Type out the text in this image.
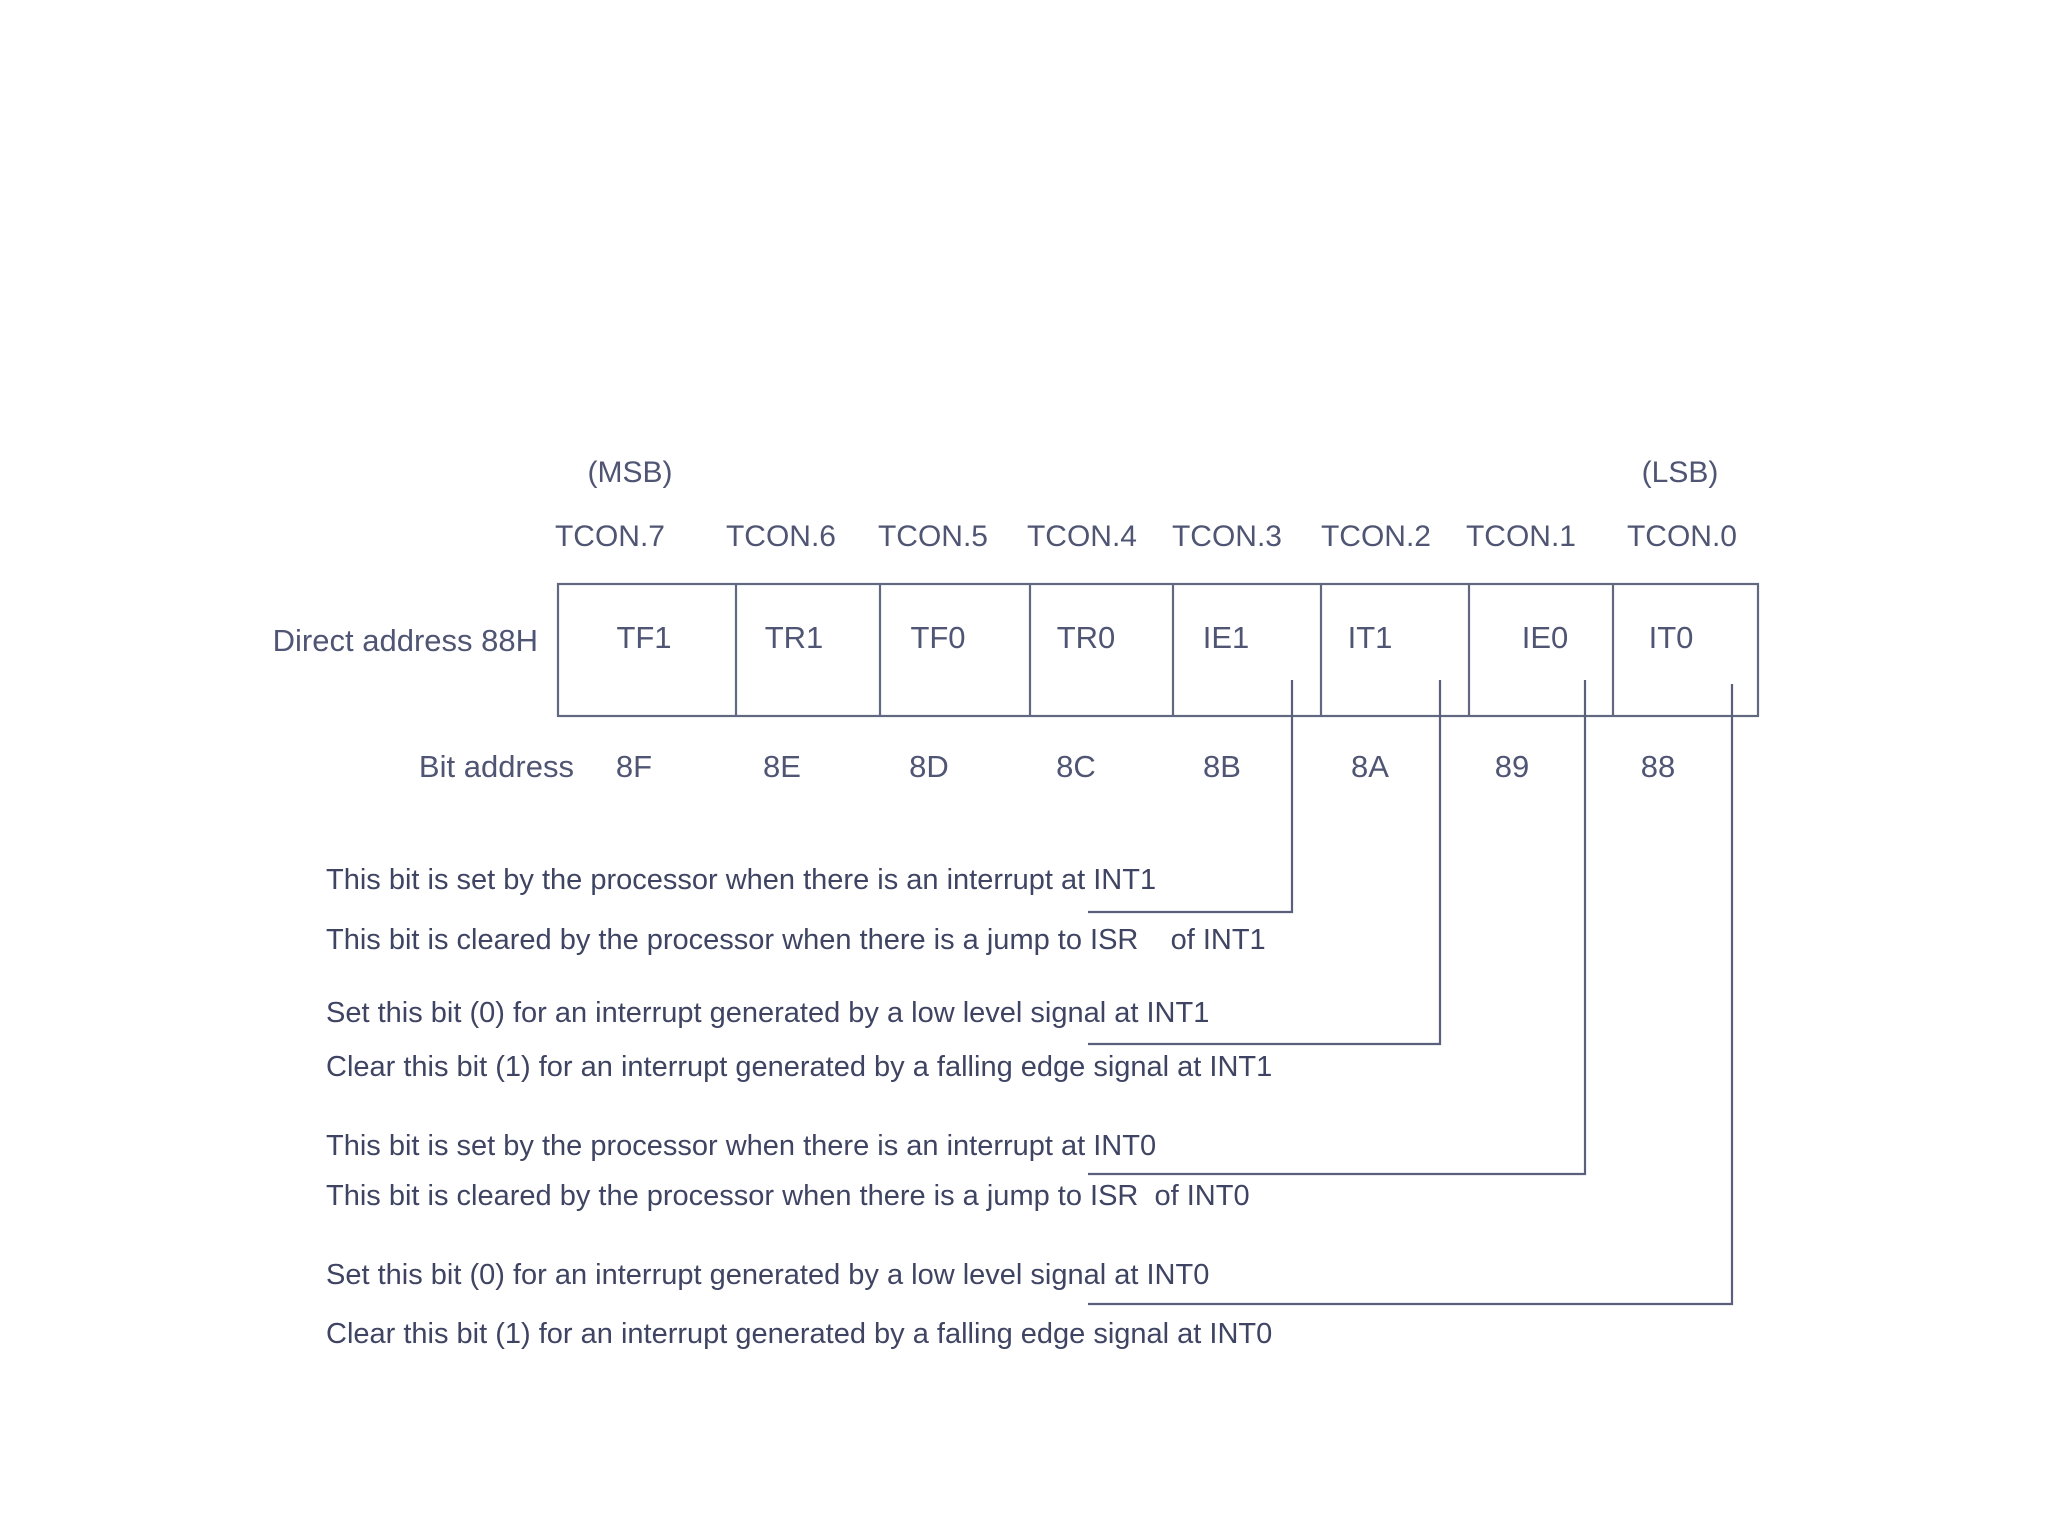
(MSB)	(LSB)
TCON.7 TCON.6 TCON.5 TCON.4 TCON.3 TCON.2 TCON.1 TCON.0
Direct address 88H	TF1	TR1	TF0	TR0	IE1	IT1	IE0	IT0
Bit address 8F	8E	8D	8C	8B	8A	89	88
This bit is set by the processor when there is an interrupt at INT1
This bit is cleared by the processor when there is a jump to ISR    of INT1
Set this bit (0) for an interrupt generated by a low level signal at INT1
Clear this bit (1) for an interrupt generated by a falling edge signal at INT1
This bit is set by the processor when there is an interrupt at INT0
This bit is cleared by the processor when there is a jump to ISR  of INT0
Set this bit (0) for an interrupt generated by a low level signal at INT0
Clear this bit (1) for an interrupt generated by a falling edge signal at INT0
